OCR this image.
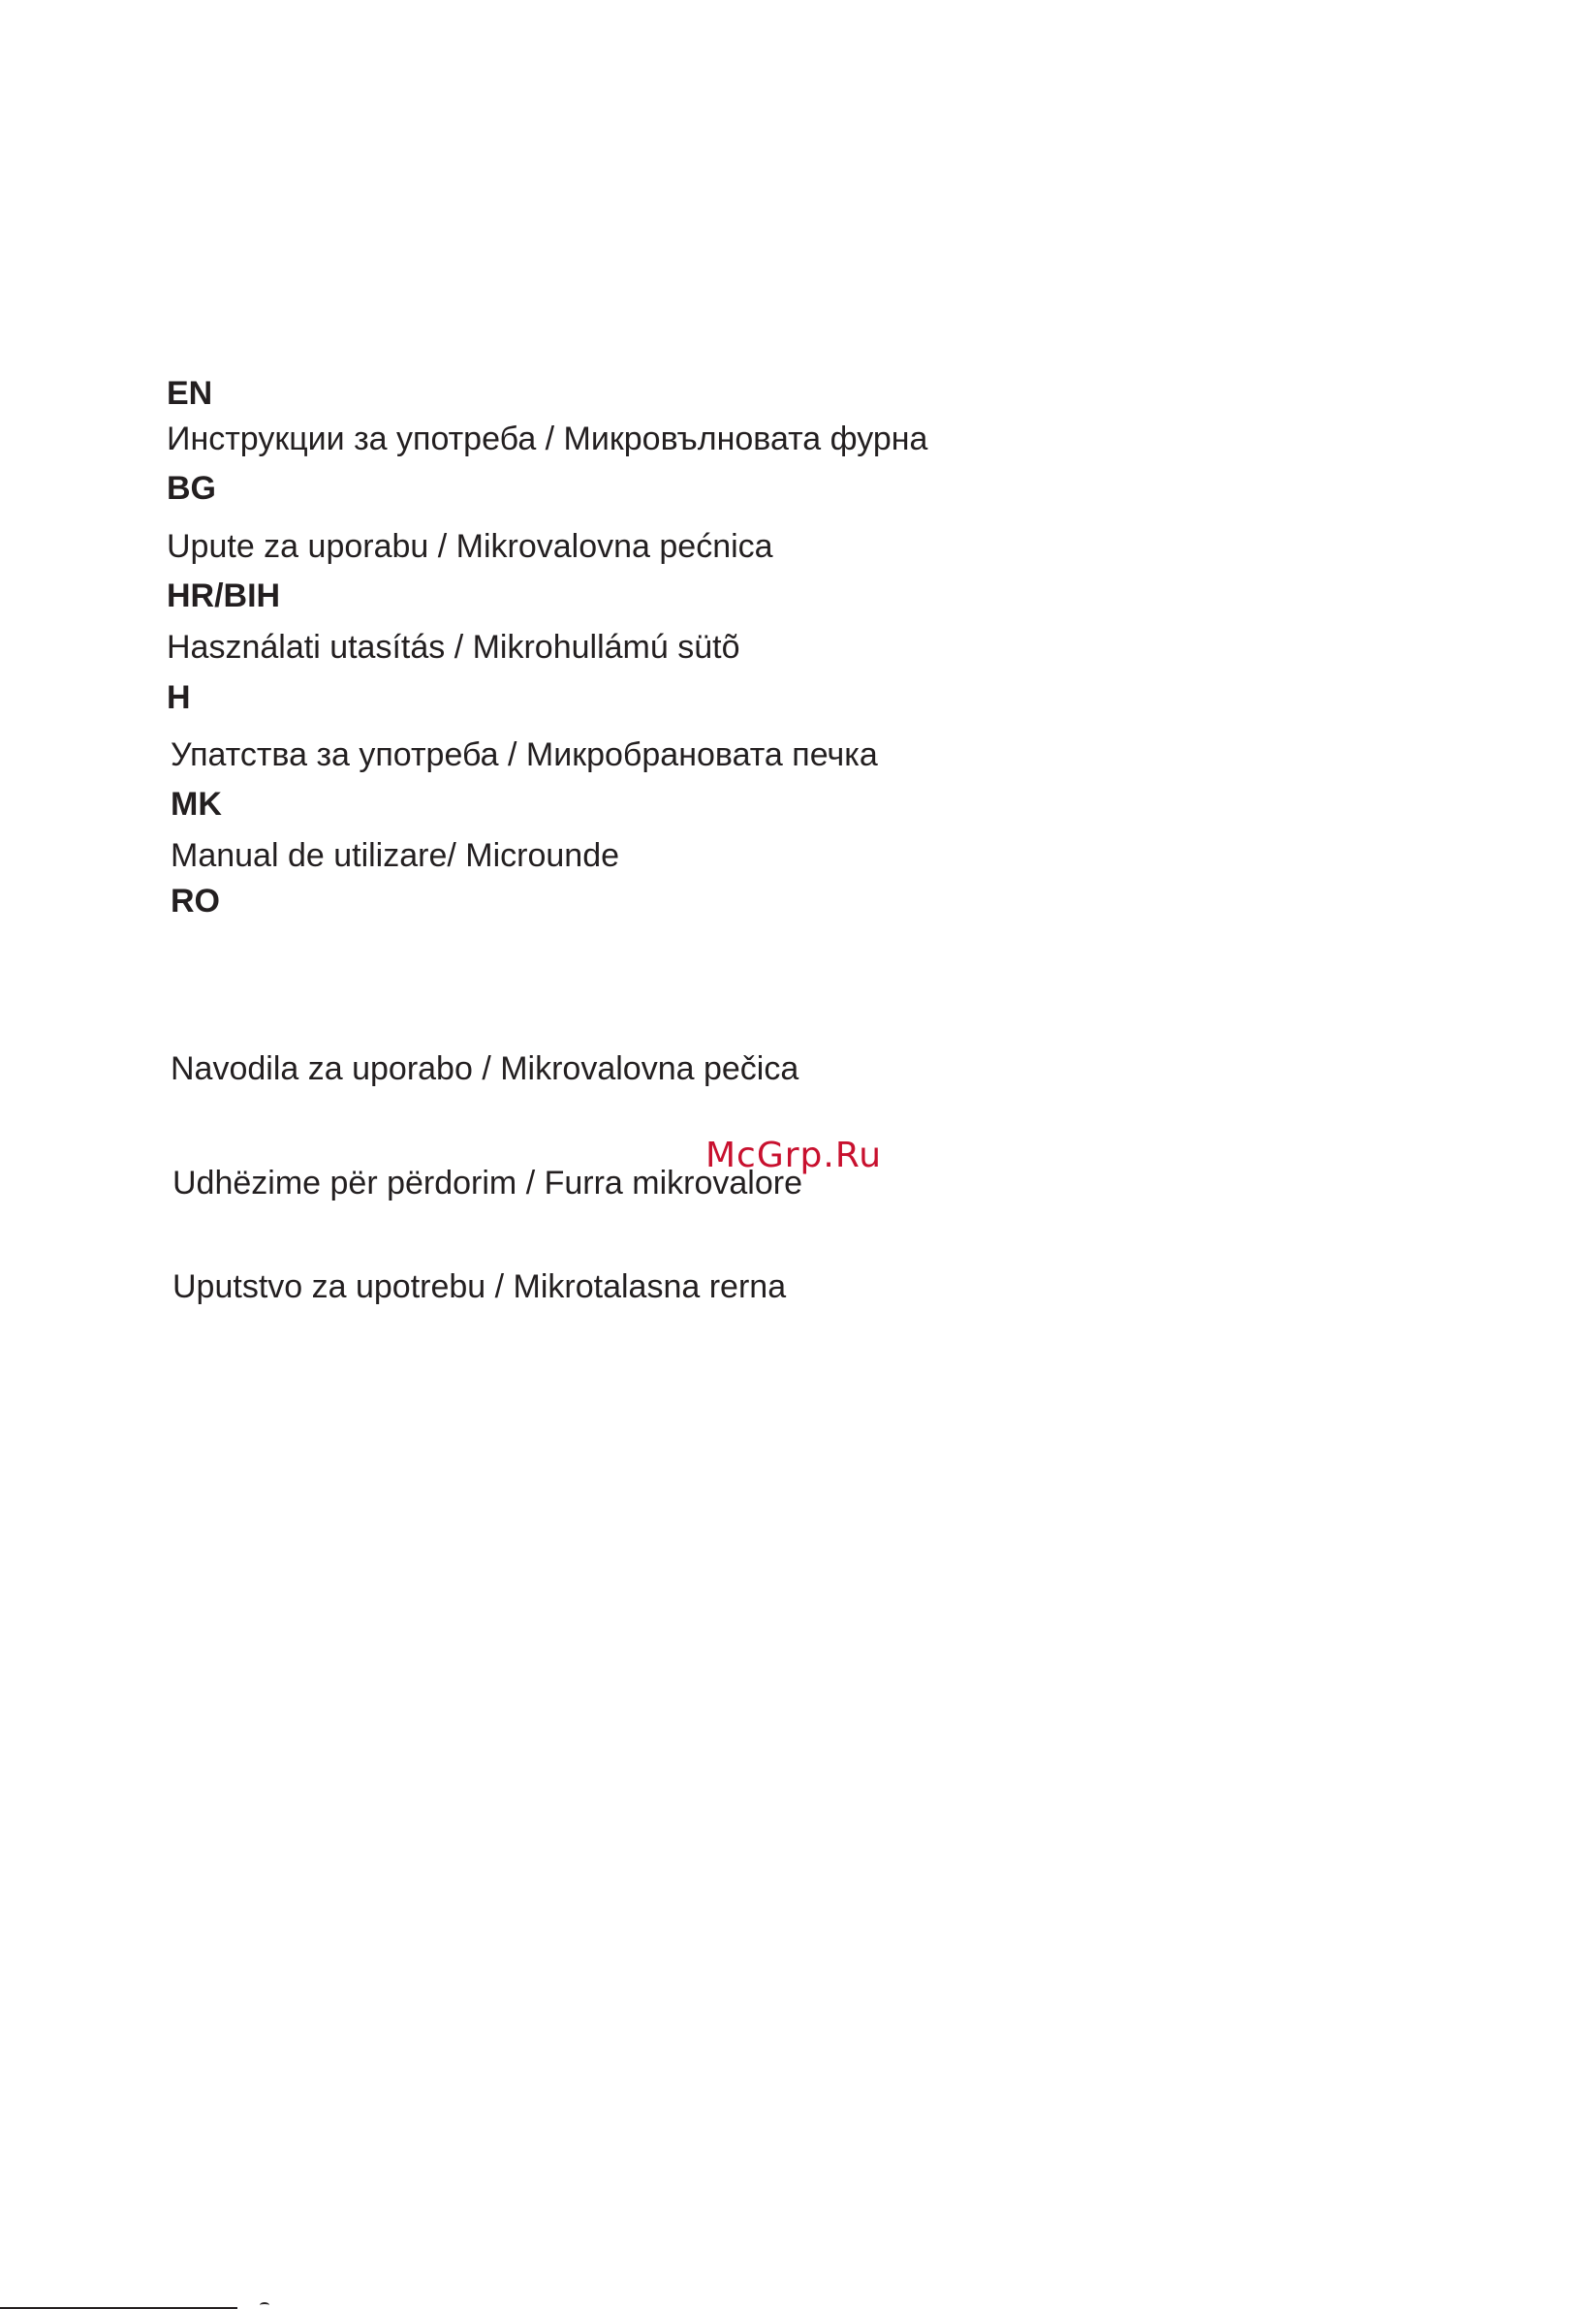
EN
Инструкции за употреба / Микровълновата фурна
BG
Upute za uporabu / Mikrovalovna pećnica
HR/BIH
Használati utasítás / Mikrohullámú sütõ
H
Упатства за употреба / Микробрановата печка
MK
Manual de utilizare/ Microunde
RO
Navodila za uporabo / Mikrovalovna pečica
Udhëzime për përdorim / Furra mikrovalore
Uputstvo za upotrebu / Mikrotalasna rerna
McGrp.Ru
